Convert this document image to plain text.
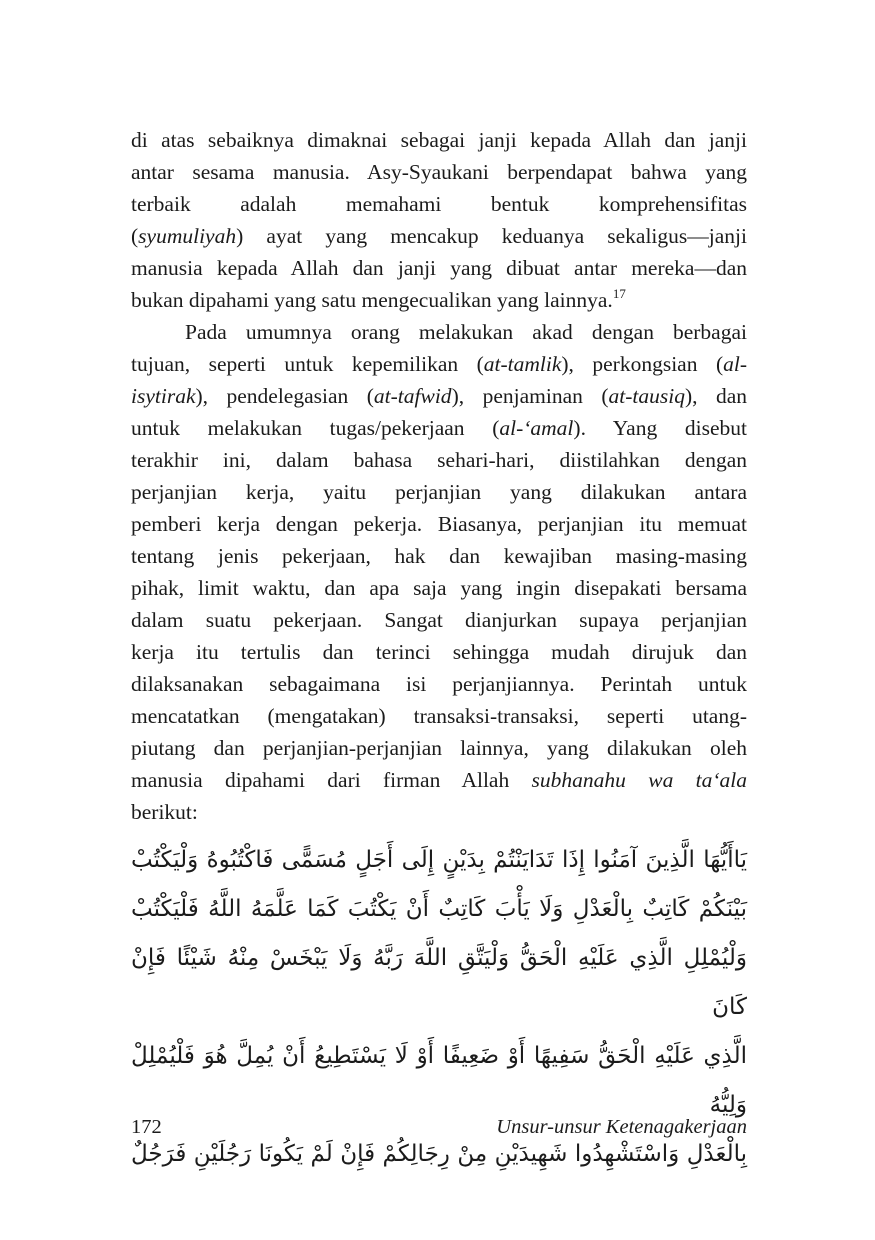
di atas sebaiknya dimaknai sebagai janji kepada Allah dan janji
antar sesama manusia. Asy-Syaukani berpendapat bahwa yang
terbaik adalah memahami bentuk komprehensifitas
(syumuliyah) ayat yang mencakup keduanya sekaligus—janji
manusia kepada Allah dan janji yang dibuat antar mereka—dan
bukan dipahami yang satu mengecualikan yang lainnya.$^{17}$
Pada umumnya orang melakukan akad dengan berbagai
tujuan, seperti untuk kepemilikan (at-tamlik), perkongsian (al-
isytirak), pendelegasian (at-tafwid), penjaminan (at-tausiq), dan
untuk melakukan tugas/pekerjaan (al-‘amal). Yang disebut
terakhir ini, dalam bahasa sehari-hari, diistilahkan dengan
perjanjian kerja, yaitu perjanjian yang dilakukan antara
pemberi kerja dengan pekerja. Biasanya, perjanjian itu memuat
tentang jenis pekerjaan, hak dan kewajiban masing-masing
pihak, limit waktu, dan apa saja yang ingin disepakati bersama
dalam suatu pekerjaan. Sangat dianjurkan supaya perjanjian
kerja itu tertulis dan terinci sehingga mudah dirujuk dan
dilaksanakan sebagaimana isi perjanjiannya. Perintah untuk
mencatatkan (mengatakan) transaksi-transaksi, seperti utang-
piutang dan perjanjian-perjanjian lainnya, yang dilakukan oleh
manusia dipahami dari firman Allah subhanahu wa ta‘ala
berikut:
يَاأَيُّهَا الَّذِينَ آمَنُوا إِذَا تَدَايَنْتُمْ بِدَيْنٍ إِلَى أَجَلٍ مُسَمًّى فَاكْتُبُوهُ وَلْيَكْتُبْ
بَيْنَكُمْ كَاتِبٌ بِالْعَدْلِ وَلَا يَأْبَ كَاتِبٌ أَنْ يَكْتُبَ كَمَا عَلَّمَهُ اللَّهُ فَلْيَكْتُبْ
وَلْيُمْلِلِ الَّذِي عَلَيْهِ الْحَقُّ وَلْيَتَّقِ اللَّهَ رَبَّهُ وَلَا يَبْخَسْ مِنْهُ شَيْئًا فَإِنْ كَانَ
الَّذِي عَلَيْهِ الْحَقُّ سَفِيهًا أَوْ ضَعِيفًا أَوْ لَا يَسْتَطِيعُ أَنْ يُمِلَّ هُوَ فَلْيُمْلِلْ وَلِيُّهُ
بِالْعَدْلِ وَاسْتَشْهِدُوا شَهِيدَيْنِ مِنْ رِجَالِكُمْ فَإِنْ لَمْ يَكُونَا رَجُلَيْنِ فَرَجُلٌ
172	Unsur-unsur Ketenagakerjaan
